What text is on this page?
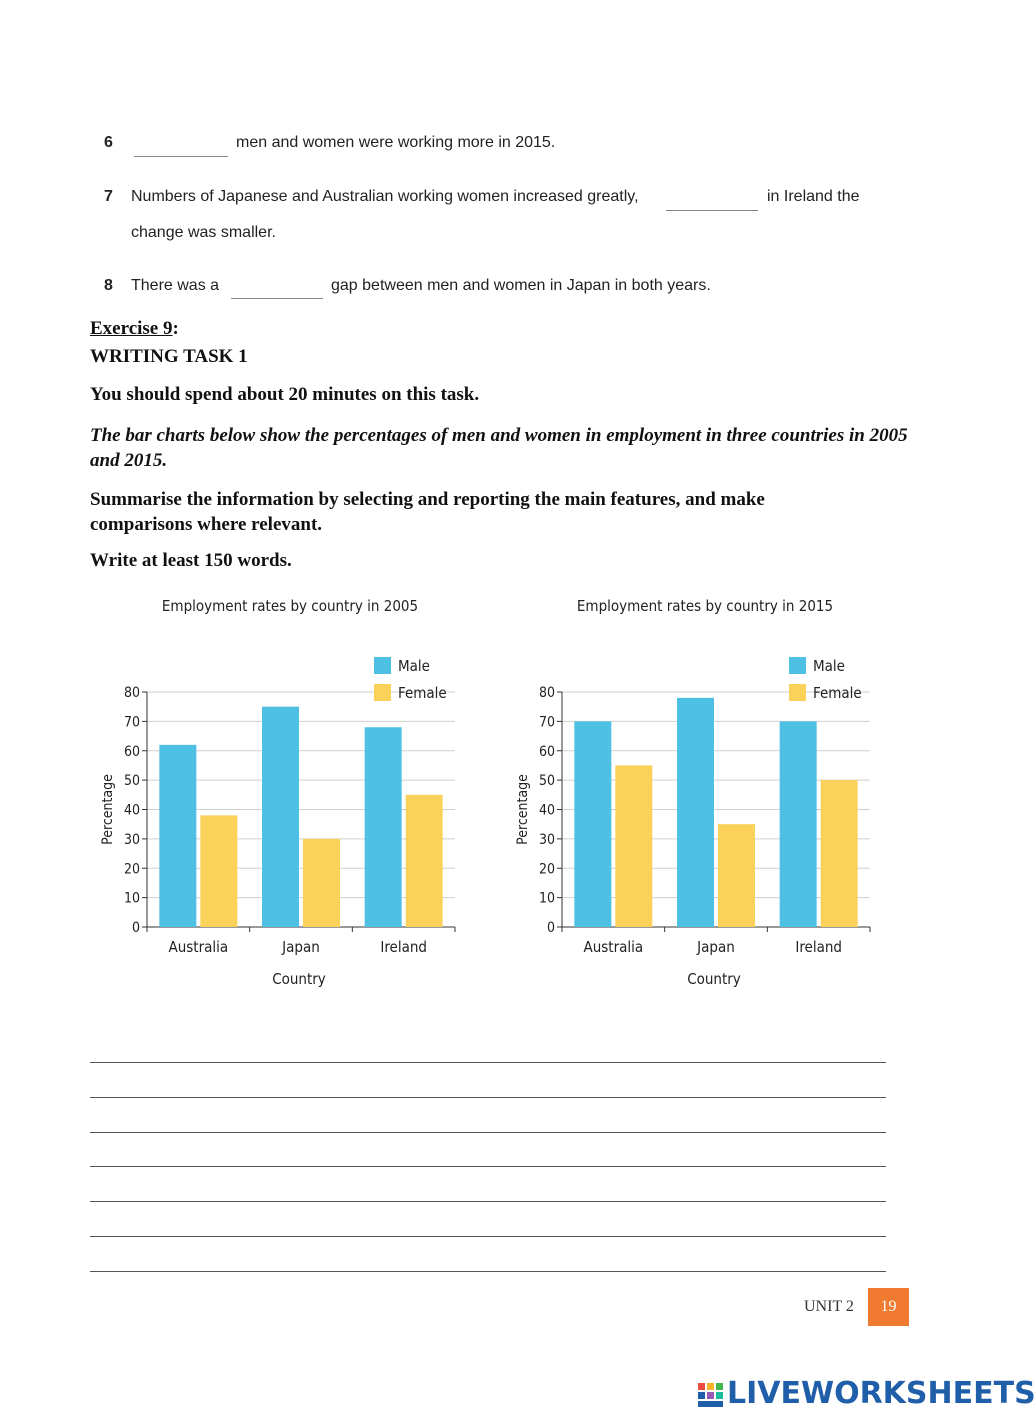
6	men and women were working more in 2015.
7 Numbers of Japanese and Australian working women increased greatly,	in Ireland the
change was smaller.
8 There was a	gap between men and women in Japan in both years.
Exercise 9:
WRITING TASK 1
You should spend about 20 minutes on this task.
The bar charts below show the percentages of men and women in employment in three countries in 2005 and 2015.
Summarise the information by selecting and reporting the main features, and make comparisons where relevant.
Write at least 150 words.
Employment rates by country in 2005
0
10
20
30
40
50
60
70
80
Percentage
Australia	Japan	Ireland
Country
Male
Female
Employment rates by country in 2015
0
10
20
30
40
50
60
70
80
Percentage
Australia	Japan	Ireland
Country
Male
Female
UNIT 2	19
LIVEWORKSHEETS
